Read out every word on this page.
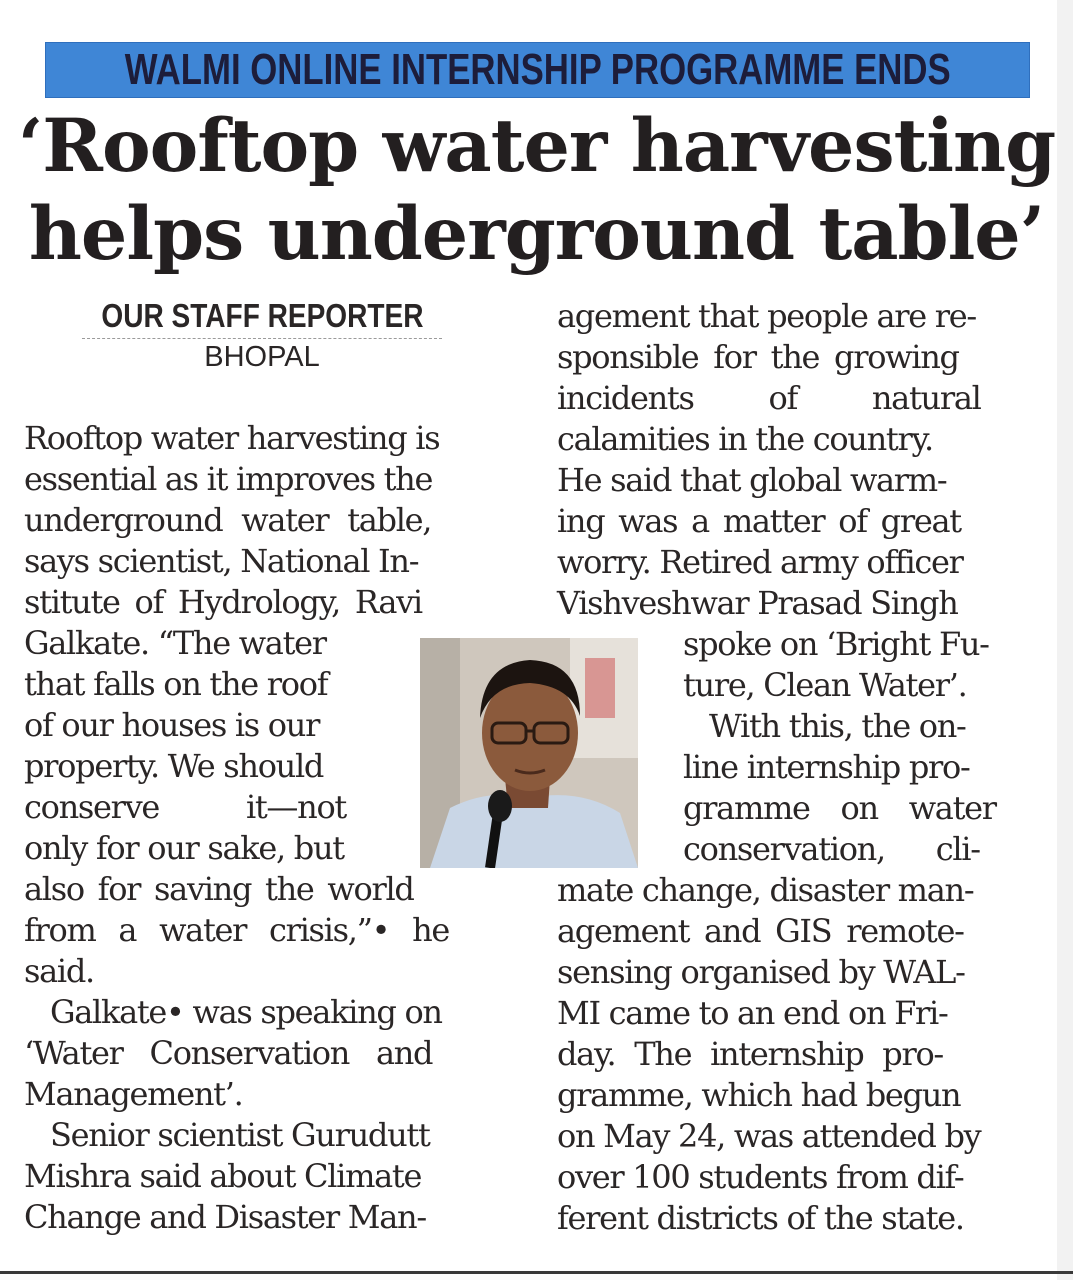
WALMI ONLINE INTERNSHIP PROGRAMME ENDS
‘Rooftop water harvesting
helps underground table’
OUR STAFF REPORTER
BHOPAL
Rooftop water harvesting is
essential as it improves the
underground water table,
says scientist, National In-
stitute of Hydrology, Ravi
Galkate. “The water
that falls on the roof
of our houses is our
property. We should
conserve it—not
only for our sake, but
also for saving the world
from a water crisis,”• he
said.
Galkate• was speaking on
‘Water Conservation and
Management’.
Senior scientist Gurudutt
Mishra said about Climate
Change and Disaster Man-
agement that people are re-
sponsible for the growing
incidents of natural
calamities in the country.
He said that global warm-
ing was a matter of great
worry. Retired army officer
Vishveshwar Prasad Singh
spoke on ‘Bright Fu-
ture, Clean Water’.
With this, the on-
line internship pro-
gramme on water
conservation, cli-
mate change, disaster man-
agement and GIS remote-
sensing organised by WAL-
MI came to an end on Fri-
day. The internship pro-
gramme, which had begun
on May 24, was attended by
over 100 students from dif-
ferent districts of the state.
